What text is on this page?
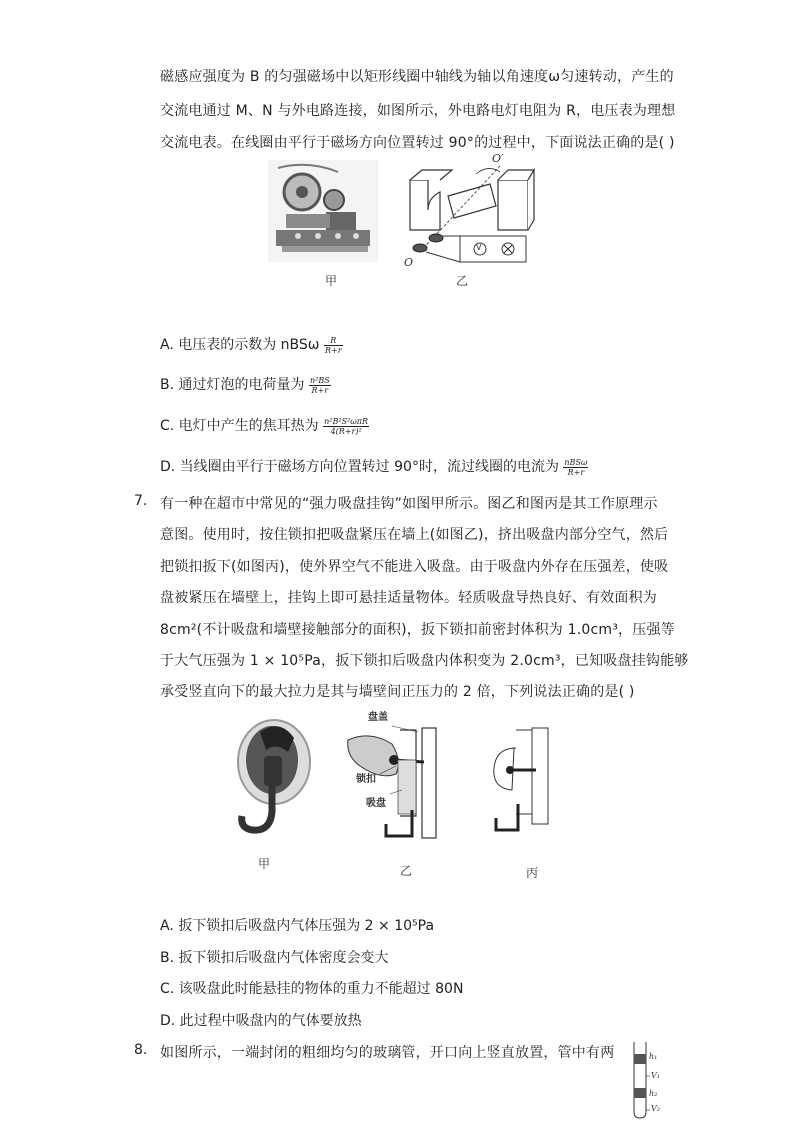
磁感应强度为 B 的匀强磁场中以矩形线圈中轴线为轴以角速度ω匀速转动，产生的
交流电通过 M、N 与外电路连接，如图所示，外电路电灯电阻为 R，电压表为理想
交流电表。在线圈由平行于磁场方向位置转过 90°的过程中，下面说法正确的是( )
甲
O′
O
V
乙
A. 电压表的示数为 nBSω $\frac{R}{R+r}$
B. 通过灯泡的电荷量为 $\frac{\text{n²BS}}{R+r}$
C. 电灯中产生的焦耳热为 $\frac{\text{n²B²S²ωπR}}{\text{4(R+r)²}}$
D. 当线圈由平行于磁场方向位置转过 90°时，流过线圈的电流为 $\frac{\text{nBSω}}{R+r}$
7. 有一种在超市中常见的“强力吸盘挂钩”如图甲所示。图乙和图丙是其工作原理示
意图。使用时，按住锁扣把吸盘紧压在墙上(如图乙)，挤出吸盘内部分空气，然后
把锁扣扳下(如图丙)，使外界空气不能进入吸盘。由于吸盘内外存在压强差，使吸
盘被紧压在墙壁上，挂钩上即可悬挂适量物体。轻质吸盘导热良好、有效面积为
8cm²(不计吸盘和墙壁接触部分的面积)，扳下锁扣前密封体积为 1.0cm³，压强等
于大气压强为 1 × 10⁵Pa，扳下锁扣后吸盘内体积变为 2.0cm³，已知吸盘挂钩能够
承受竖直向下的最大拉力是其与墙壁间正压力的 2 倍，下列说法正确的是( )
甲
盘盖
锁扣
吸盘
乙	丙
A. 扳下锁扣后吸盘内气体压强为 2 × 10⁵Pa
B. 扳下锁扣后吸盘内气体密度会变大
C. 该吸盘此时能悬挂的物体的重力不能超过 80N
D. 此过程中吸盘内的气体要放热
8. 如图所示，一端封闭的粗细均匀的玻璃管，开口向上竖直放置，管中有两	h₁
V₁
h₂
V₂
